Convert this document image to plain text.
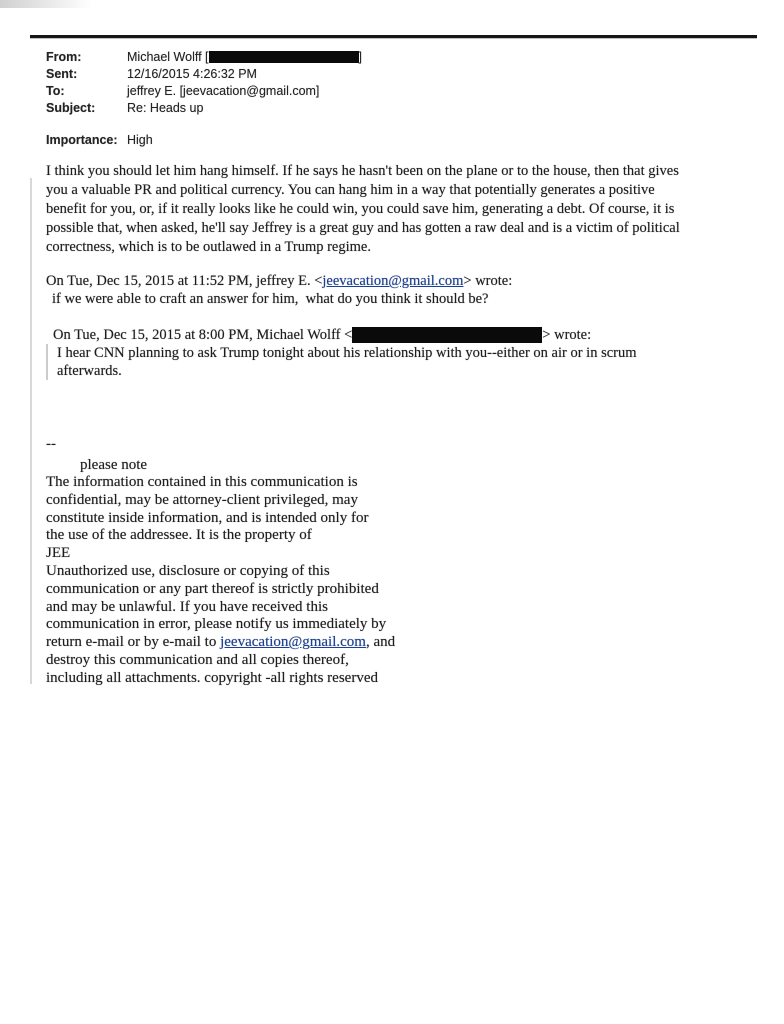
From:	Michael Wolff [	]
Sent:	12/16/2015 4:26:32 PM
To:	jeffrey E. [jeevacation@gmail.com]
Subject:	Re: Heads up
Importance: High
I think you should let him hang himself. If he says he hasn't been on the plane or to the house, then that gives
you a valuable PR and political currency. You can hang him in a way that potentially generates a positive
benefit for you, or, if it really looks like he could win, you could save him, generating a debt. Of course, it is
possible that, when asked, he'll say Jeffrey is a great guy and has gotten a raw deal and is a victim of political
correctness, which is to be outlawed in a Trump regime.
On Tue, Dec 15, 2015 at 11:52 PM, jeffrey E. <jeevacation@gmail.com> wrote:
if we were able to craft an answer for him,  what do you think it should be?
On Tue, Dec 15, 2015 at 8:00 PM, Michael Wolff <	> wrote:
I hear CNN planning to ask Trump tonight about his relationship with you--either on air or in scrum
afterwards.
--
please note
The information contained in this communication is
confidential, may be attorney-client privileged, may
constitute inside information, and is intended only for
the use of the addressee. It is the property of
JEE
Unauthorized use, disclosure or copying of this
communication or any part thereof is strictly prohibited
and may be unlawful. If you have received this
communication in error, please notify us immediately by
return e-mail or by e-mail to jeevacation@gmail.com, and
destroy this communication and all copies thereof,
including all attachments. copyright -all rights reserved
